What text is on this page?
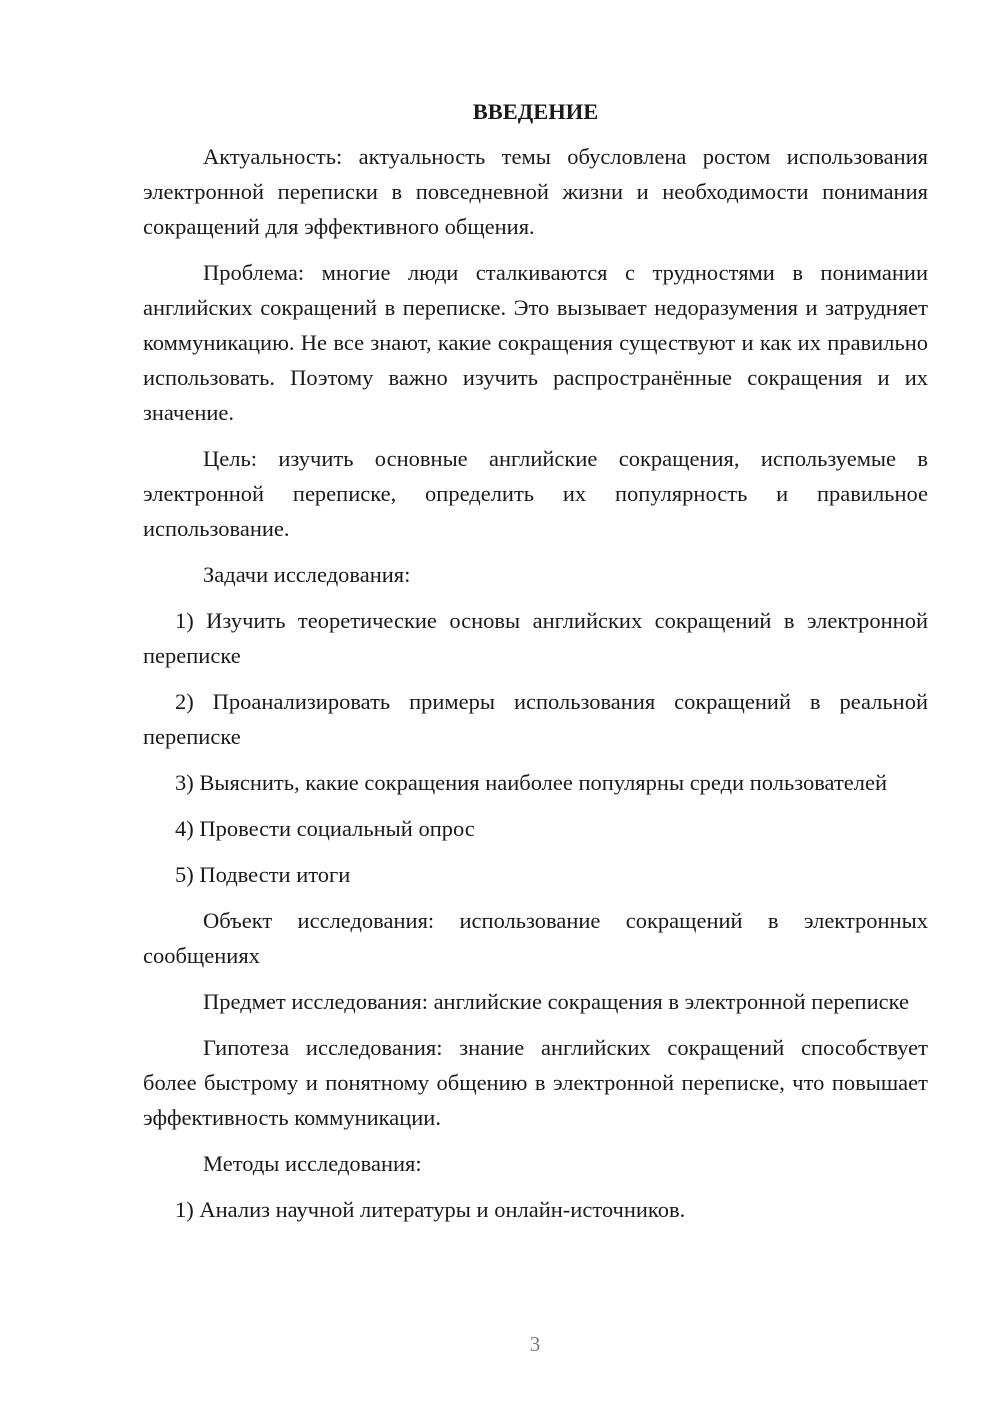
ВВЕДЕНИЕ

Актуальность: актуальность темы обусловлена ростом использования электронной переписки в повседневной жизни и необходимости понимания сокращений для эффективного общения.

Проблема: многие люди сталкиваются с трудностями в понимании английских сокращений в переписке. Это вызывает недоразумения и затрудняет коммуникацию. Не все знают, какие сокращения существуют и как их правильно использовать. Поэтому важно изучить распространённые сокращения и их значение.

Цель: изучить основные английские сокращения, используемые в электронной переписке, определить их популярность и правильное использование.

Задачи исследования:

1) Изучить теоретические основы английских сокращений в электронной переписке

2) Проанализировать примеры использования сокращений в реальной переписке

3) Выяснить, какие сокращения наиболее популярны среди пользователей

4) Провести социальный опрос

5) Подвести итоги

Объект исследования: использование сокращений в электронных сообщениях

Предмет исследования: английские сокращения в электронной переписке

Гипотеза исследования: знание английских сокращений способствует более быстрому и понятному общению в электронной переписке, что повышает эффективность коммуникации.

Методы исследования:

1) Анализ научной литературы и онлайн-источников.

3
